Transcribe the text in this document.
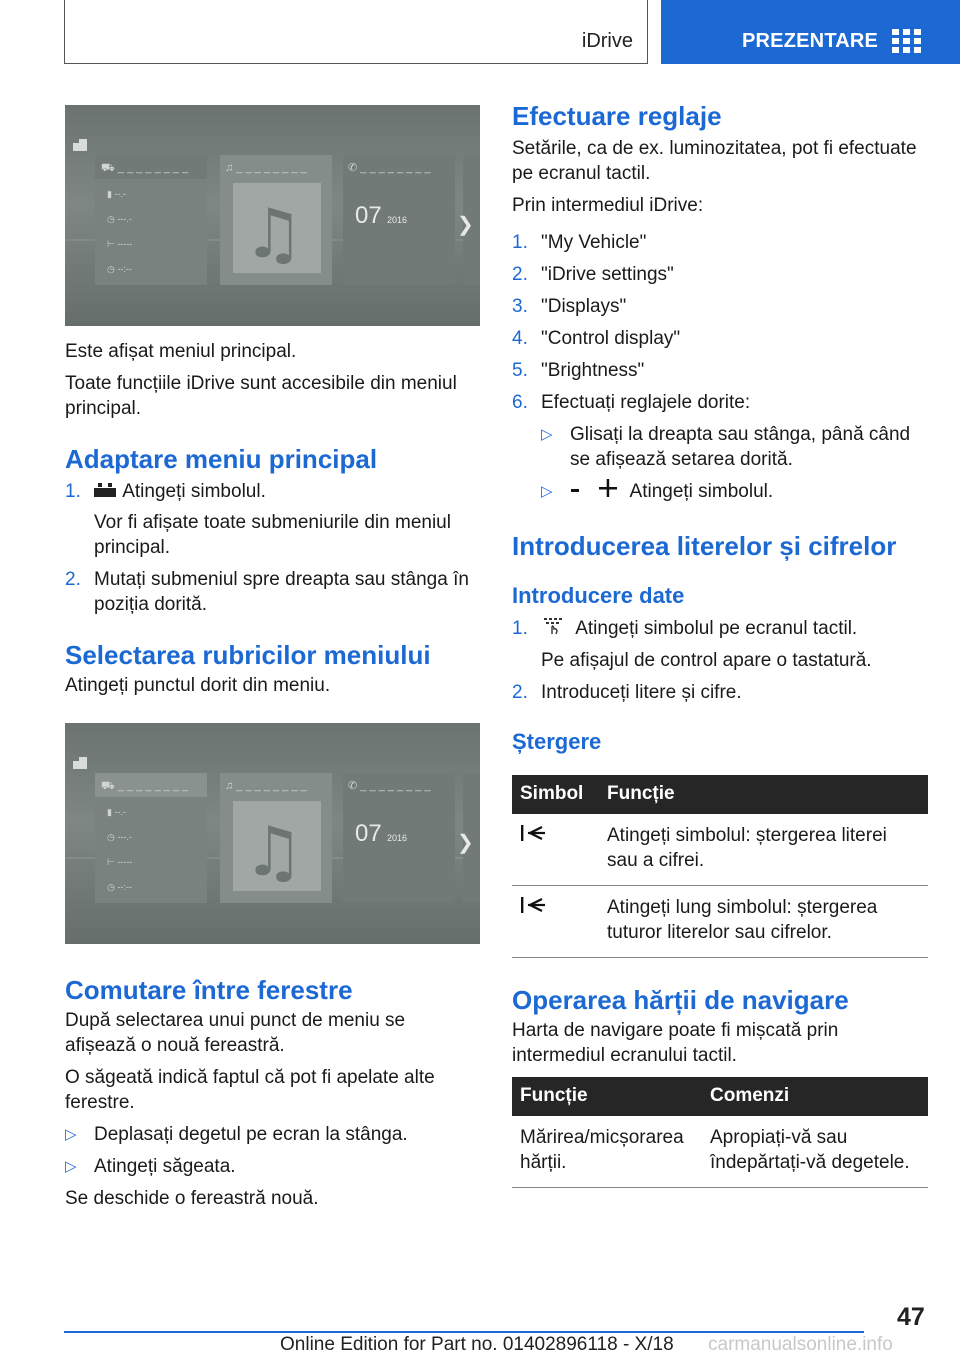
iDrive	PREZENTARE
⛟ _ _ _ _ _ _ _ _
▮ --.-
◷ ---.-
⊢ -----
◷ --:--
♫ _ _ _ _ _ _ _ _
♫
✆ _ _ _ _ _ _ _ _
07 2016 ❯

Este afișat meniul principal.

Toate funcțiile iDrive sunt accesibile din meniul principal.

Adaptare meniu principal
1. Atingeți simbolul.
Vor fi afișate toate submeniurile din meniul principal.
2. Mutați submeniul spre dreapta sau stânga în poziția dorită.
Selectarea rubricilor meniului

Atingeți punctul dorit din meniu.

⛟ _ _ _ _ _ _ _ _
▮ --.-
◷ ---.-
⊢ -----
◷ --:--
♫ _ _ _ _ _ _ _ _
♫
✆ _ _ _ _ _ _ _ _
07 2016 ❯
Comutare între ferestre

După selectarea unui punct de meniu se afișează o nouă fereastră.

O săgeată indică faptul că pot fi apelate alte ferestre.

▷ Deplasați degetul pe ecran la stânga.
▷ Atingeți săgeata.

Se deschide o fereastră nouă.

Efectuare reglaje

Setările, ca de ex. luminozitatea, pot fi efectuate pe ecranul tactil.

Prin intermediul iDrive:

1. "My Vehicle"
2. "iDrive settings"
3. "Displays"
4. "Control display"
5. "Brightness"
6. Efectuați reglajele dorite:
▷ Glisați la dreapta sau stânga, până când se afișează setarea dorită.
▷	Atingeți simbolul.
Introducerea literelor și cifrelor
Introducere date
1. Atingeți simbolul pe ecranul tactil.
Pe afișajul de control apare o tastatură.
2. Introduceți litere și cifre.
Ștergere
Simbol	Funcție
	Atingeți simbolul: ștergerea literei sau a cifrei.
	Atingeți lung simbolul: ștergerea tuturor literelor sau cifrelor.
Operarea hărții de navigare

Harta de navigare poate fi mișcată prin intermediul ecranului tactil.

Funcție	Comenzi
Mărirea/micșorarea hărții.	Apropiați-vă sau îndepărtați-vă degetele.
47
Online Edition for Part no. 01402896118 - X/18 carmanualsonline.info
